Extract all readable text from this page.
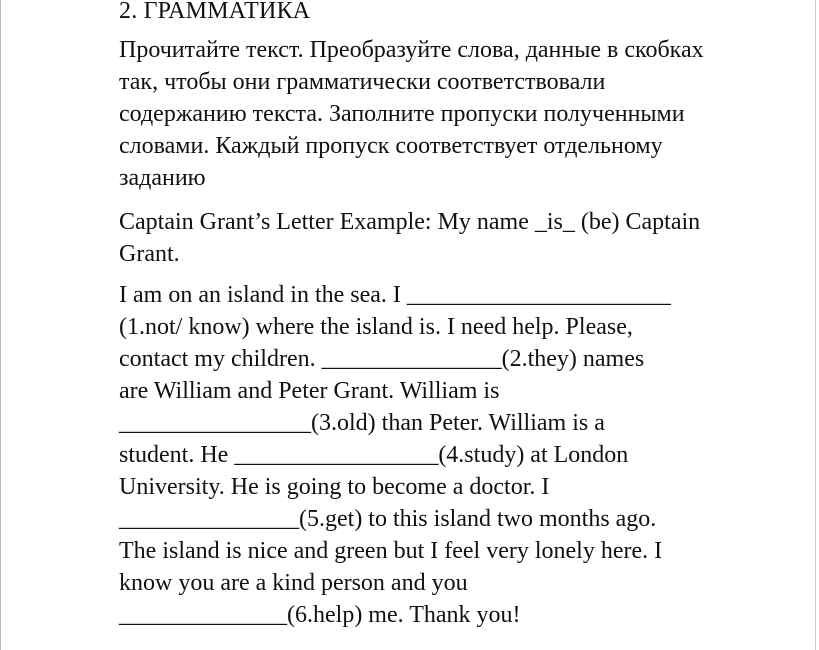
2. ГРАММАТИКА

Прочитайте текст. Преобразуйте слова, данные в скобках так, чтобы они грамматически соответствовали содержанию текста. Заполните пропуски полученными словами. Каждый пропуск соответствует отдельному заданию

Captain Grant’s Letter Example: My name _is_ (be) Captain Grant.

I am on an island in the sea. I ______________________
(1.not/ know) where the island is. I need help. Please,
contact my children. _______________(2.they) names
are William and Peter Grant. William is
________________(3.old) than Peter. William is a
student. He _________________(4.study) at London
University. He is going to become a doctor. I
_______________(5.get) to this island two months ago.
The island is nice and green but I feel very lonely here. I
know you are a kind person and you
______________(6.help) me. Thank you!
